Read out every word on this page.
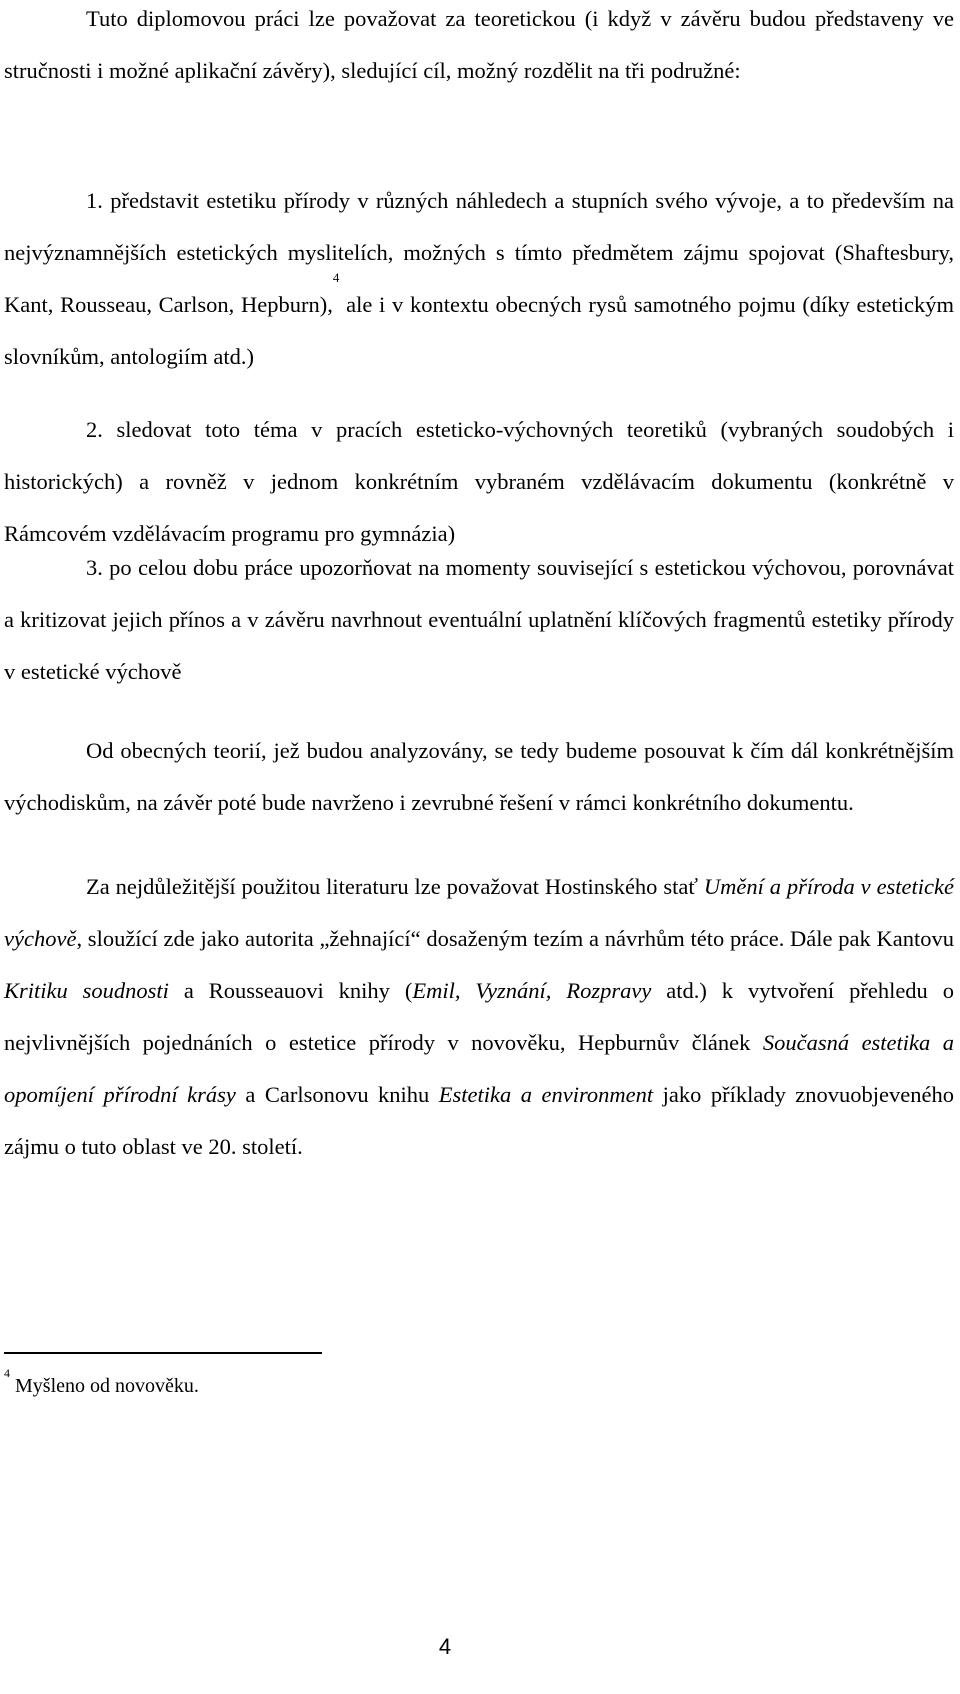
Tuto diplomovou práci lze považovat za teoretickou (i když v závěru budou představeny ve stručnosti i možné aplikační závěry), sledující cíl, možný rozdělit na tři podružné:

1. představit estetiku přírody v různých náhledech a stupních svého vývoje, a to především na nejvýznamnějších estetických myslitelích, možných s tímto předmětem zájmu spojovat (Shaftesbury, Kant, Rousseau, Carlson, Hepburn),$^4$ ale i v kontextu obecných rysů samotného pojmu (díky estetickým slovníkům, antologiím atd.)

2. sledovat toto téma v pracích esteticko-výchovných teoretiků (vybraných soudobých i historických) a rovněž v jednom konkrétním vybraném vzdělávacím dokumentu (konkrétně v Rámcovém vzdělávacím programu pro gymnázia)

3. po celou dobu práce upozorňovat na momenty související s estetickou výchovou, porovnávat a kritizovat jejich přínos a v závěru navrhnout eventuální uplatnění klíčových fragmentů estetiky přírody v estetické výchově

Od obecných teorií, jež budou analyzovány, se tedy budeme posouvat k čím dál konkrétnějším východiskům, na závěr poté bude navrženo i zevrubné řešení v rámci konkrétního dokumentu.

Za nejdůležitější použitou literaturu lze považovat Hostinského stať Umění a příroda v estetické výchově, sloužící zde jako autorita „žehnající“ dosaženým tezím a návrhům této práce. Dále pak Kantovu Kritiku soudnosti a Rousseauovi knihy (Emil, Vyznání, Rozpravy atd.) k vytvoření přehledu o nejvlivnějších pojednáních o estetice přírody v novověku, Hepburnův článek Současná estetika a opomíjení přírodní krásy a Carlsonovu knihu Estetika a environment jako příklady znovuobjeveného zájmu o tuto oblast ve 20. století.

$^4$ Myšleno od novověku.

4
